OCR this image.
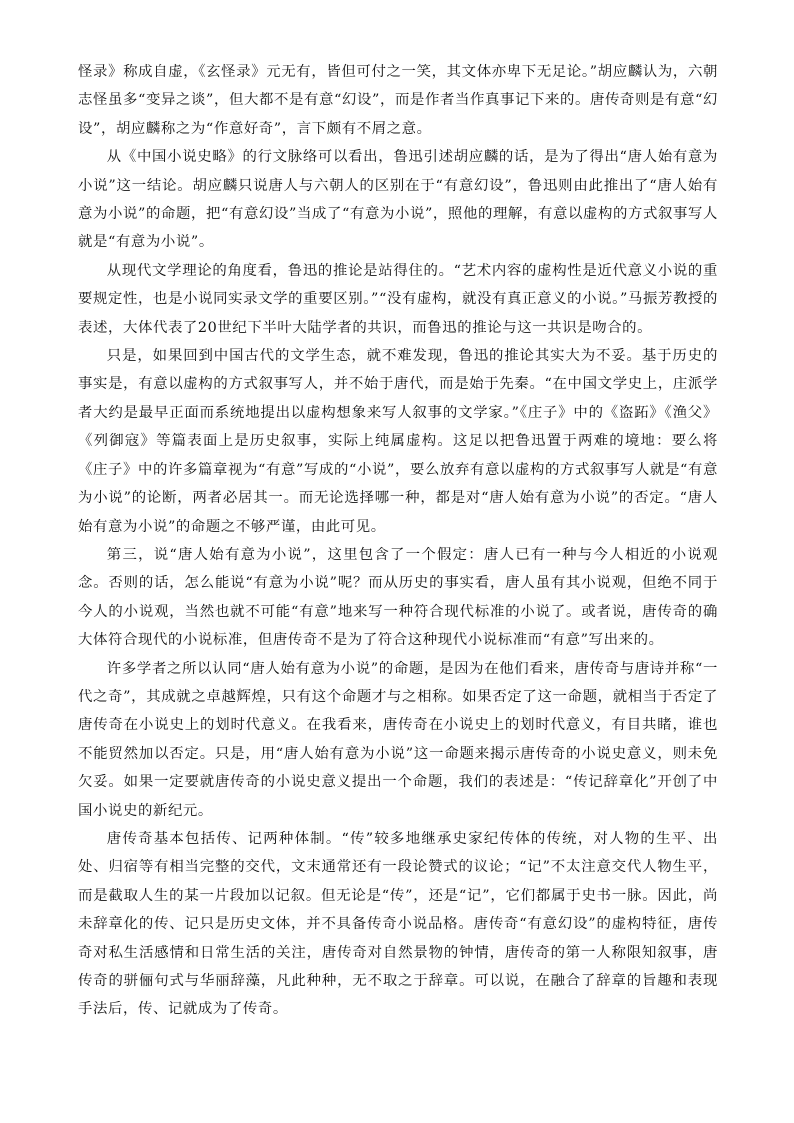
怪录》称成自虚，《玄怪录》元无有，皆但可付之一笑，其文体亦卑下无足论。”胡应麟认为，六朝志怪虽多“变异之谈”，但大都不是有意“幻设”，而是作者当作真事记下来的。唐传奇则是有意“幻设”，胡应麟称之为“作意好奇”，言下颇有不屑之意。

从《中国小说史略》的行文脉络可以看出，鲁迅引述胡应麟的话，是为了得出“唐人始有意为小说”这一结论。胡应麟只说唐人与六朝人的区别在于“有意幻设”，鲁迅则由此推出了“唐人始有意为小说”的命题，把“有意幻设”当成了“有意为小说”，照他的理解，有意以虚构的方式叙事写人就是“有意为小说”。

从现代文学理论的角度看，鲁迅的推论是站得住的。“艺术内容的虚构性是近代意义小说的重要规定性，也是小说同实录文学的重要区别。”“没有虚构，就没有真正意义的小说。”马振芳教授的表述，大体代表了20世纪下半叶大陆学者的共识，而鲁迅的推论与这一共识是吻合的。

只是，如果回到中国古代的文学生态，就不难发现，鲁迅的推论其实大为不妥。基于历史的事实是，有意以虚构的方式叙事写人，并不始于唐代，而是始于先秦。“在中国文学史上，庄派学者大约是最早正面而系统地提出以虚构想象来写人叙事的文学家。”《庄子》中的《盗跖》《渔父》《列御寇》等篇表面上是历史叙事，实际上纯属虚构。这足以把鲁迅置于两难的境地：要么将《庄子》中的许多篇章视为“有意”写成的“小说”，要么放弃有意以虚构的方式叙事写人就是“有意为小说”的论断，两者必居其一。而无论选择哪一种，都是对“唐人始有意为小说”的否定。“唐人始有意为小说”的命题之不够严谨，由此可见。

第三，说“唐人始有意为小说”，这里包含了一个假定：唐人已有一种与今人相近的小说观念。否则的话，怎么能说“有意为小说”呢？而从历史的事实看，唐人虽有其小说观，但绝不同于今人的小说观，当然也就不可能“有意”地来写一种符合现代标准的小说了。或者说，唐传奇的确大体符合现代的小说标准，但唐传奇不是为了符合这种现代小说标准而“有意”写出来的。

许多学者之所以认同“唐人始有意为小说”的命题，是因为在他们看来，唐传奇与唐诗并称“一代之奇”，其成就之卓越辉煌，只有这个命题才与之相称。如果否定了这一命题，就相当于否定了唐传奇在小说史上的划时代意义。在我看来，唐传奇在小说史上的划时代意义，有目共睹，谁也不能贸然加以否定。只是，用“唐人始有意为小说”这一命题来揭示唐传奇的小说史意义，则未免欠妥。如果一定要就唐传奇的小说史意义提出一个命题，我们的表述是：“传记辞章化”开创了中国小说史的新纪元。

唐传奇基本包括传、记两种体制。“传”较多地继承史家纪传体的传统，对人物的生平、出处、归宿等有相当完整的交代，文末通常还有一段论赞式的议论；“记”不太注意交代人物生平，而是截取人生的某一片段加以记叙。但无论是“传”，还是“记”，它们都属于史书一脉。因此，尚未辞章化的传、记只是历史文体，并不具备传奇小说品格。唐传奇“有意幻设”的虚构特征，唐传奇对私生活感情和日常生活的关注，唐传奇对自然景物的钟情，唐传奇的第一人称限知叙事，唐传奇的骈俪句式与华丽辞藻，凡此种种，无不取之于辞章。可以说，在融合了辞章的旨趣和表现手法后，传、记就成为了传奇。
